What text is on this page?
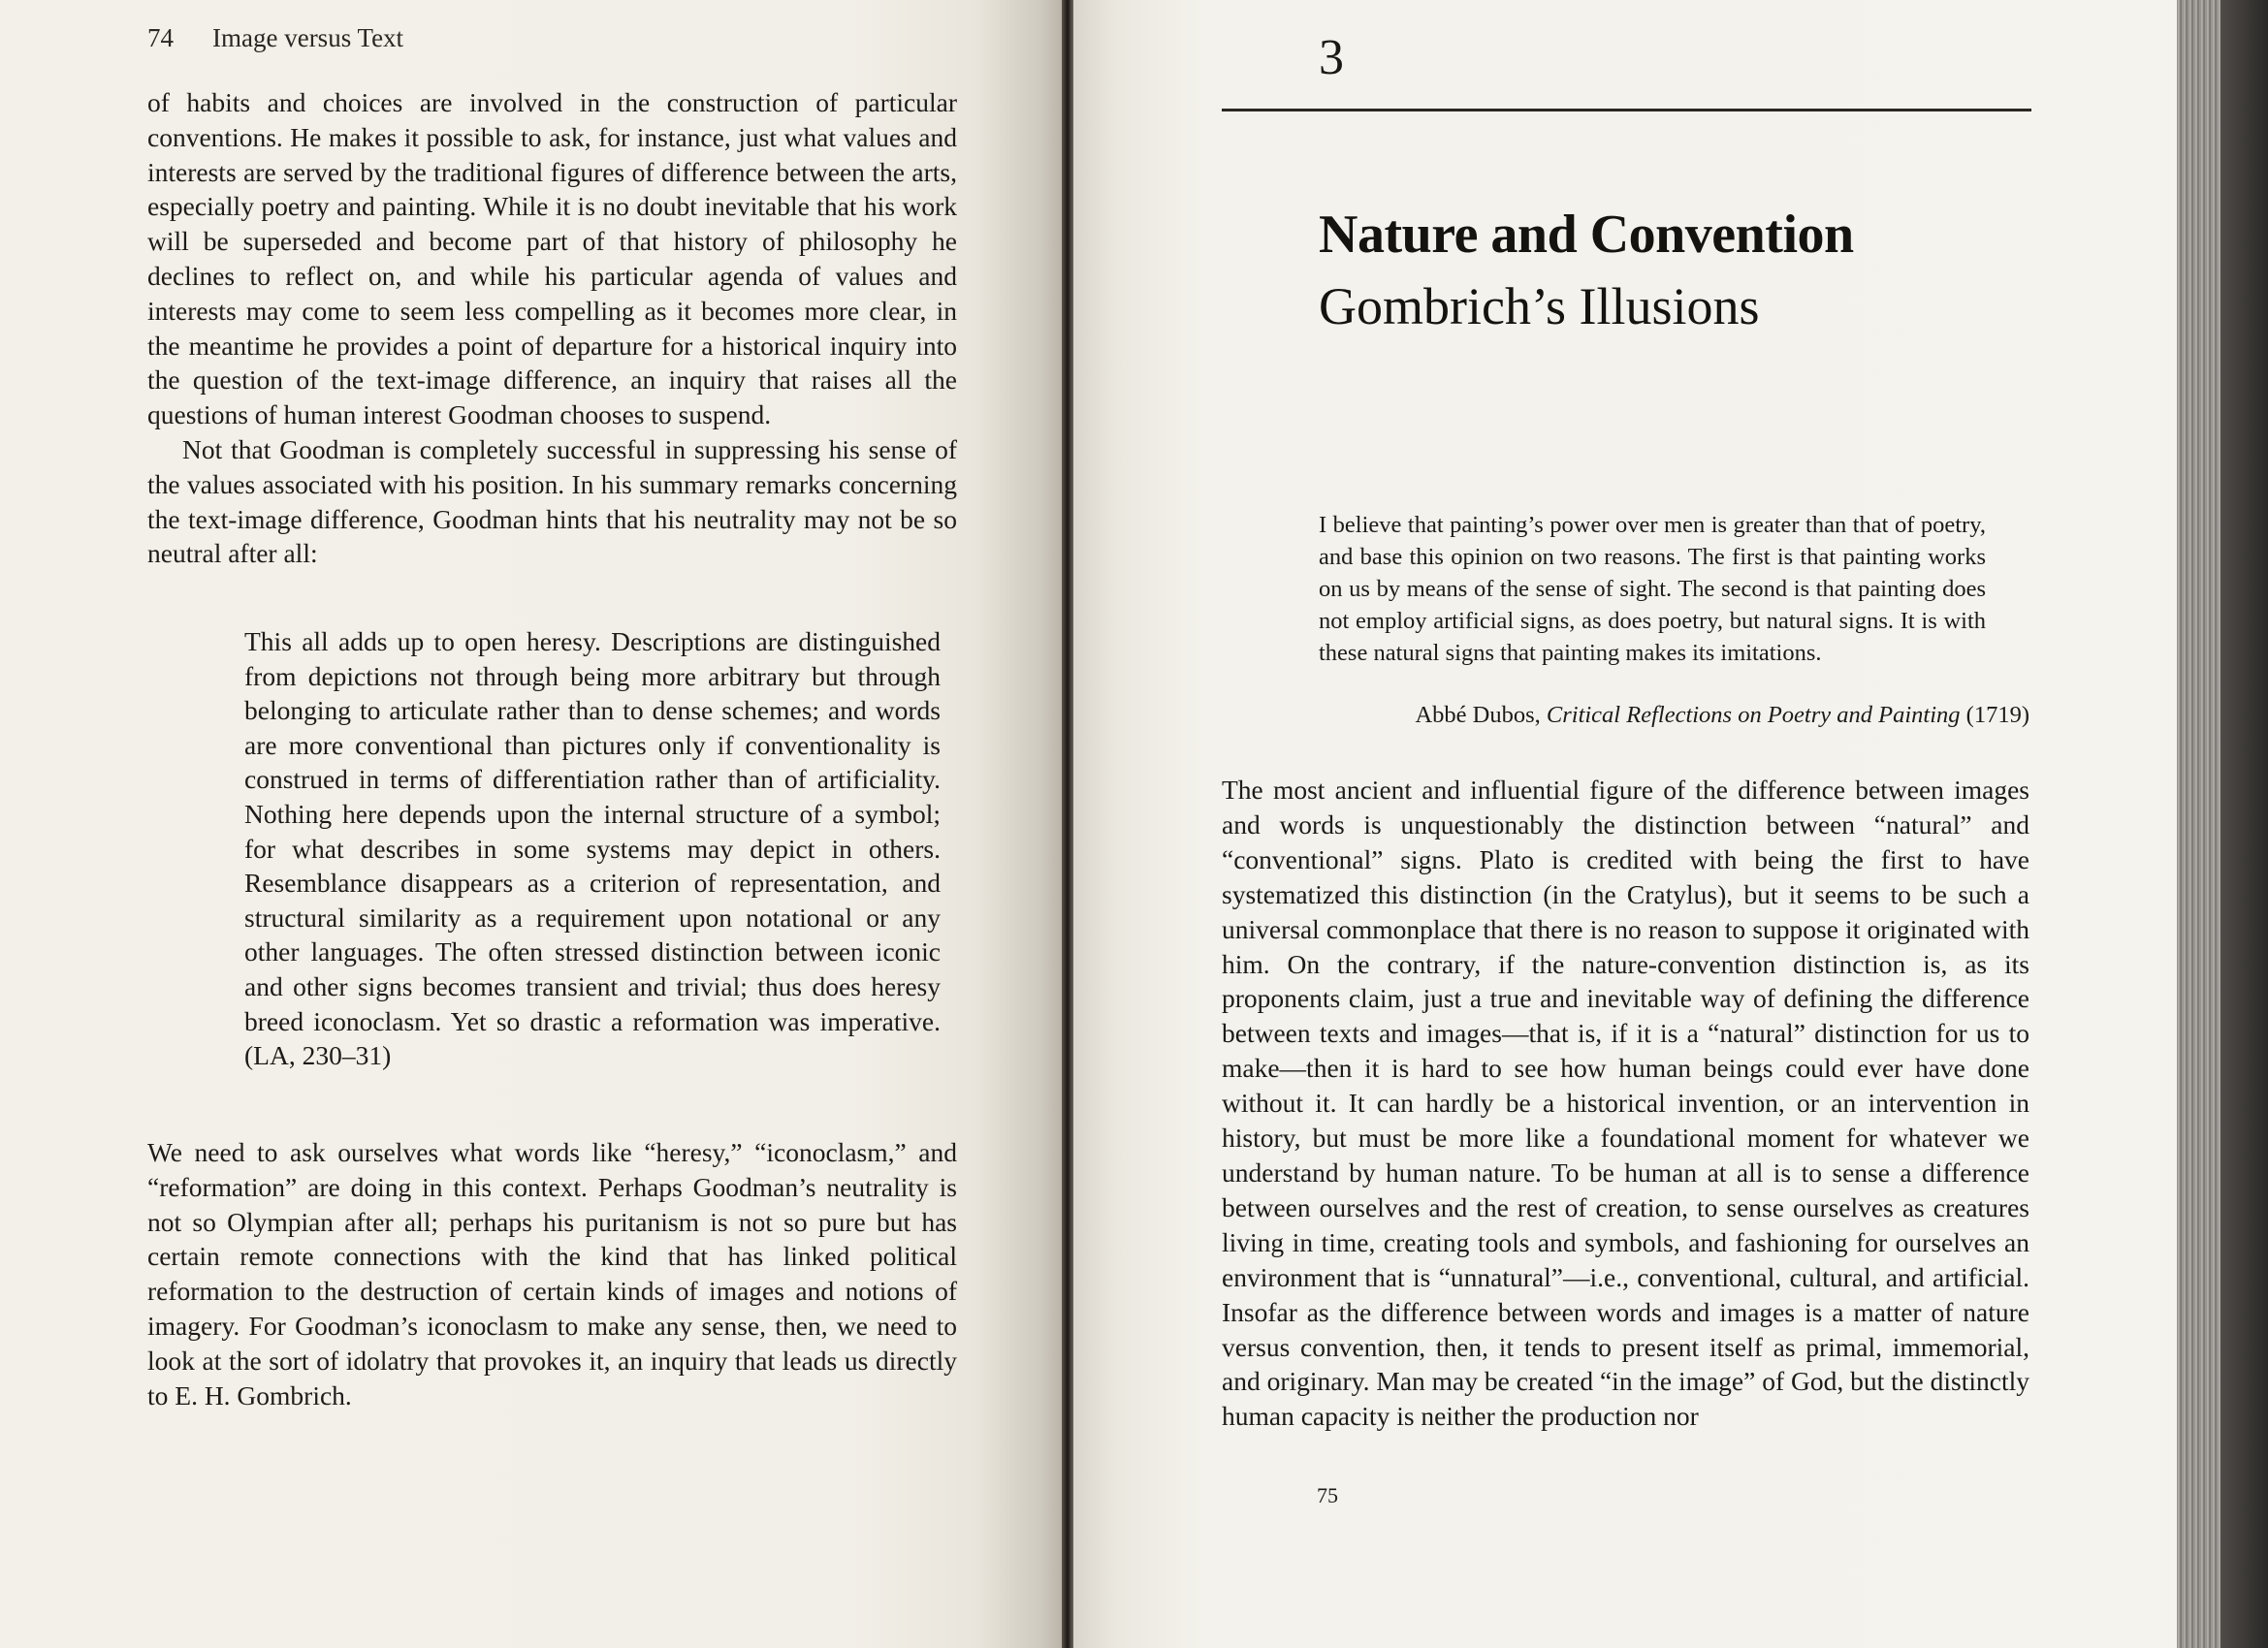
74 Image versus Text

of habits and choices are involved in the construction of particular conventions. He makes it possible to ask, for instance, just what values and interests are served by the traditional figures of difference between the arts, especially poetry and painting. While it is no doubt inevitable that his work will be superseded and become part of that history of philosophy he declines to reflect on, and while his particular agenda of values and interests may come to seem less compelling as it becomes more clear, in the meantime he provides a point of departure for a historical inquiry into the question of the text-image difference, an inquiry that raises all the questions of human interest Goodman chooses to suspend.

Not that Goodman is completely successful in suppressing his sense of the values associated with his position. In his summary remarks concerning the text-image difference, Goodman hints that his neutrality may not be so neutral after all:

This all adds up to open heresy. Descriptions are distinguished from depictions not through being more arbitrary but through belonging to articulate rather than to dense schemes; and words are more conventional than pictures only if conventionality is construed in terms of differentiation rather than of artificiality. Nothing here depends upon the internal structure of a symbol; for what describes in some systems may depict in others. Resemblance disappears as a criterion of representation, and structural similarity as a requirement upon notational or any other languages. The often stressed distinction between iconic and other signs becomes transient and trivial; thus does heresy breed iconoclasm. Yet so drastic a reformation was imperative. (LA, 230–31)

We need to ask ourselves what words like “heresy,” “iconoclasm,” and “reformation” are doing in this context. Perhaps Goodman’s neutrality is not so Olympian after all; perhaps his puritanism is not so pure but has certain remote connections with the kind that has linked political reformation to the destruction of certain kinds of images and notions of imagery. For Goodman’s iconoclasm to make any sense, then, we need to look at the sort of idolatry that provokes it, an inquiry that leads us directly to E. H. Gombrich.

3
Nature and Convention
Gombrich’s Illusions
I believe that painting’s power over men is greater than that of poetry, and base this opinion on two reasons. The first is that painting works on us by means of the sense of sight. The second is that painting does not employ artificial signs, as does poetry, but natural signs. It is with these natural signs that painting makes its imitations.
Abbé Dubos, Critical Reflections on Poetry and Painting (1719)
The most ancient and influential figure of the difference between images and words is unquestionably the distinction between “natural” and “conventional” signs. Plato is credited with being the first to have systematized this distinction (in the Cratylus), but it seems to be such a universal commonplace that there is no reason to suppose it originated with him. On the contrary, if the nature-convention distinction is, as its proponents claim, just a true and inevitable way of defining the difference between texts and images—that is, if it is a “natural” distinction for us to make—then it is hard to see how human beings could ever have done without it. It can hardly be a historical invention, or an intervention in history, but must be more like a foundational moment for whatever we understand by human nature. To be human at all is to sense a difference between ourselves and the rest of creation, to sense ourselves as creatures living in time, creating tools and symbols, and fashioning for ourselves an environment that is “unnatural”—i.e., conventional, cultural, and artificial. Insofar as the difference between words and images is a matter of nature versus convention, then, it tends to present itself as primal, immemorial, and originary. Man may be created “in the image” of God, but the distinctly human capacity is neither the production nor
75
